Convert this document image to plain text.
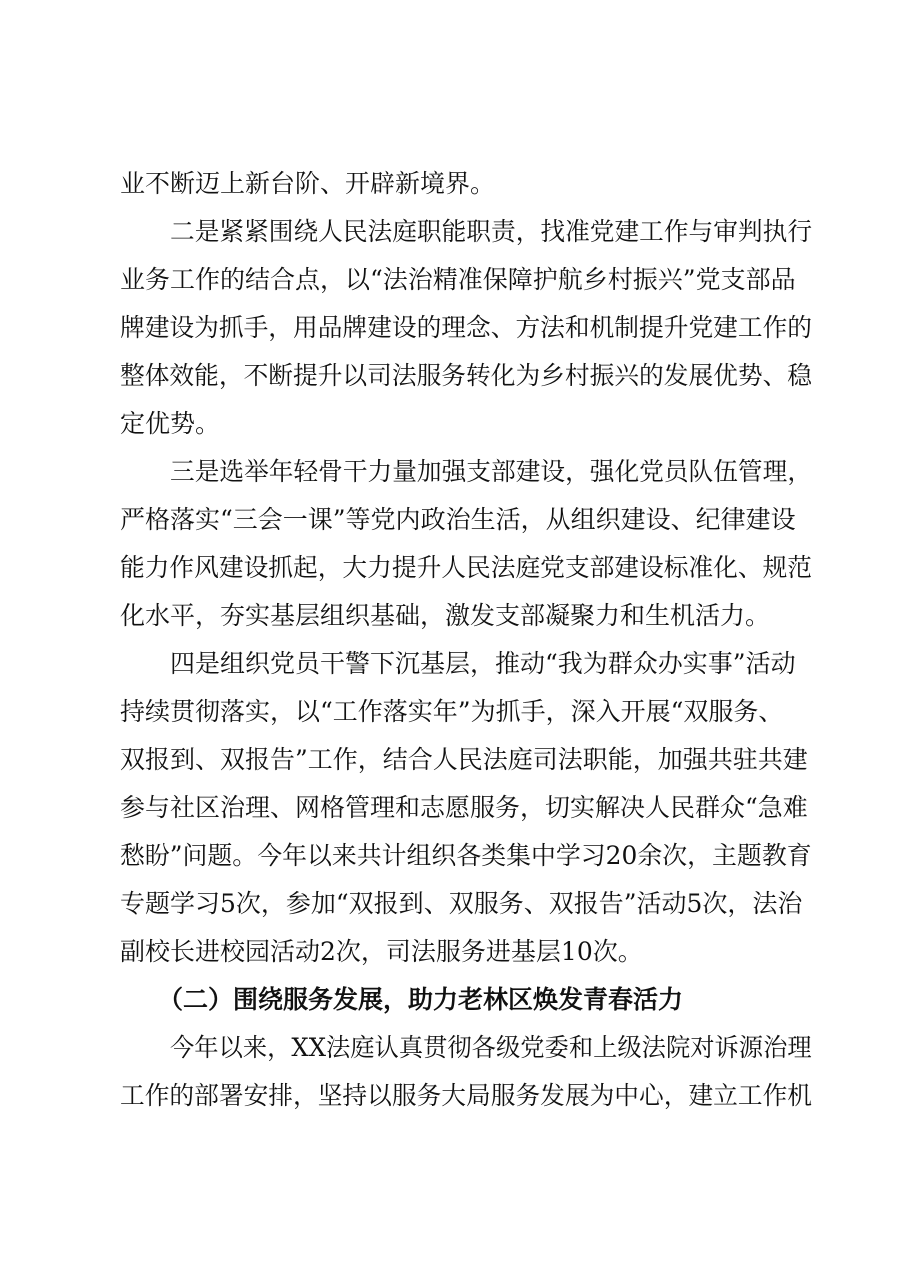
业不断迈上新台阶、开辟新境界。
二是紧紧围绕人民法庭职能职责，找准党建工作与审判执行
业务工作的结合点，以“法治精准保障护航乡村振兴”党支部品
牌建设为抓手，用品牌建设的理念、方法和机制提升党建工作的
整体效能，不断提升以司法服务转化为乡村振兴的发展优势、稳
定优势。
三是选举年轻骨干力量加强支部建设，强化党员队伍管理，
严格落实“三会一课”等党内政治生活，从组织建设、纪律建设
能力作风建设抓起，大力提升人民法庭党支部建设标准化、规范
化水平，夯实基层组织基础，激发支部凝聚力和生机活力。
四是组织党员干警下沉基层，推动“我为群众办实事”活动
持续贯彻落实，以“工作落实年”为抓手，深入开展“双服务、
双报到、双报告”工作，结合人民法庭司法职能，加强共驻共建
参与社区治理、网格管理和志愿服务，切实解决人民群众“急难
愁盼”问题。今年以来共计组织各类集中学习20余次，主题教育
专题学习5次，参加“双报到、双服务、双报告”活动5次，法治
副校长进校园活动2次，司法服务进基层10次。
（二）围绕服务发展，助力老林区焕发青春活力
今年以来，XX法庭认真贯彻各级党委和上级法院对诉源治理
工作的部署安排，坚持以服务大局服务发展为中心，建立工作机
